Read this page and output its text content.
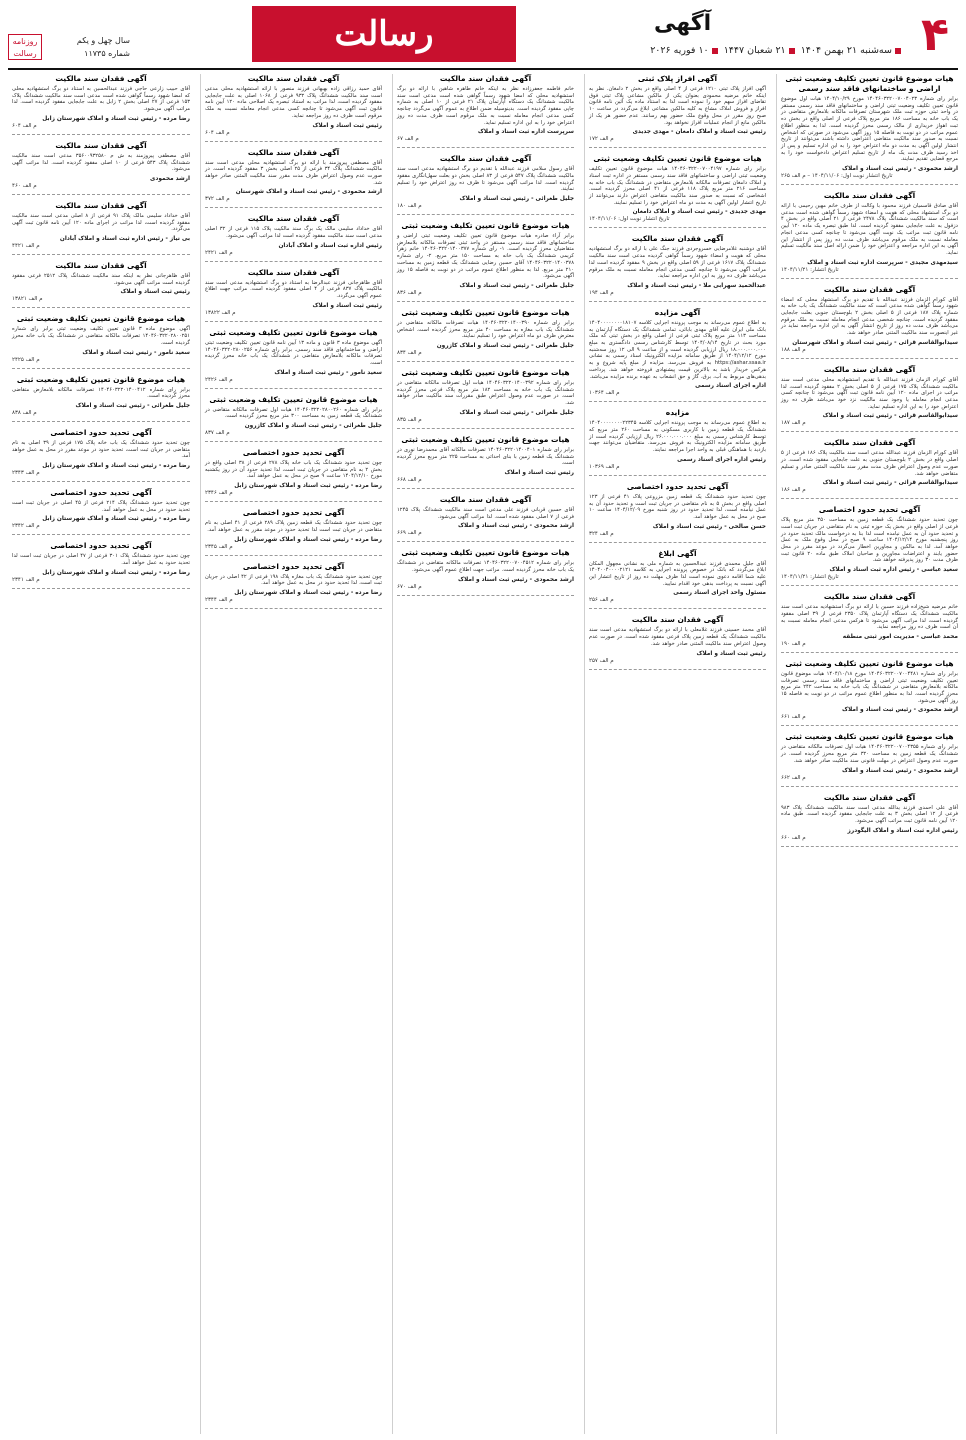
۴
آگهی
سه‌شنبه ۲۱ بهمن ۱۴۰۴ ۲۱ شعبان ۱۴۴۷ ۱۰ فوریه ۲۰۲۶
رسالت
روزنامه رسالت
سال چهل و یکم
شماره ۱۱۷۳۵
هیات موضوع قانون تعیین تکلیف وضعیت ثبتی اراضی و ساختمانهای فاقد سند رسمی
برابر رای شماره ۱۴۰۴۶۰۳۲۲۰۰۷۰۰۴۰۲۳ مورخ ۱۴۰۴/۱۰/۲۹ هیات اول موضوع قانون تعیین تکلیف وضعیت ثبتی اراضی و ساختمانهای فاقد سند رسمی مستقر در واحد ثبتی حوزه ثبت ملک شهرستان تصرفات مالکانه بلامعارض متقاضی در یک باب خانه به مساحت ۱۸۶ متر مربع پلاک فرعی از اصلی واقع در بخش ده ثبت اهواز خریداری از مالک رسمی محرز گردیده است. لذا به منظور اطلاع عموم مراتب در دو نوبت به فاصله ۱۵ روز آگهی می‌شود در صورتی که اشخاص نسبت به صدور سند مالکیت متقاضی اعتراضی داشته باشند می‌توانند از تاریخ انتشار اولین آگهی به مدت دو ماه اعتراض خود را به این اداره تسلیم و پس از اخذ رسید ظرف مدت یک ماه از تاریخ تسلیم اعتراض دادخواست خود را به مرجع قضایی تقدیم نمایند.
ارشد محمودی - رئیس ثبت اسناد و املاک
تاریخ انتشار نوبت اول: ۱۴۰۴/۱۱/۰۶ – م الف ۲۶۵
آگهی فقدان سند مالکیت
آقای صادق قاسمیان فرزند محمود با وکالت از طرف خانم مهین رحیمی با ارائه دو برگ استشهاد محلی که هویت و امضاء شهود رسماً گواهی شده است مدعی است که سند مالکیت ششدانگ پلاک ۲۴۷۸ فرعی از ۲۱ اصلی واقع در بخش ۴ دزفول به علت جابجایی مفقود گردیده است. لذا طبق تبصره یک ماده ۱۲۰ آیین نامه قانون ثبت مراتب یک نوبت آگهی می‌شود تا چنانچه کسی مدعی انجام معامله نسبت به ملک مرقوم می‌باشد ظرف مدت ده روز پس از انتشار این آگهی به این اداره مراجعه و اعتراض خود را ضمن ارائه اصل سند مالکیت تسلیم نماید.
سیدمهدی مجیدی - سرپرست اداره ثبت اسناد و املاک
تاریخ انتشار: ۱۴۰۴/۱۱/۲۱
آگهی فقدان سند مالکیت
آقای کورام الزمان فرزند عبدالله با تقدیم دو برگ استشهاد محلی که امضاء شهود رسماً گواهی شده مدعی است که سند مالکیت ششدانگ یک باب خانه به شماره پلاک ۱۸۷ فرعی از ۵ اصلی بخش ۲ بلوچستان جنوبی بعلت جابجایی مفقود گردیده است. چنانچه شخصی مدعی انجام معامله نسبت به ملک مرقوم می‌باشد ظرف مدت ده روز از تاریخ انتشار آگهی به این اداره مراجعه نماید در غیر اینصورت سند مالکیت المثنی صادر خواهد شد.
سیدابوالقاسم قرائی - رئیس ثبت اسناد و املاک شهرستان
م الف ۱۸۸
آگهی فقدان سند مالکیت
آقای کورام الزمان فرزند عبدالله با تقدیم استشهادیه محلی مدعی است سند مالکیت ششدانگ پلاک ۱۷۵ فرعی از ۵ اصلی بخش ۲ مفقود گردیده است، لذا مراتب در اجرای ماده ۱۲۰ آیین نامه قانون ثبت آگهی می‌شود تا چنانچه کسی مدعی انجام معامله یا وجود سند مالکیت نزد خود می‌باشد ظرف ده روز اعتراض خود را به این اداره تسلیم نماید.
سیدابوالقاسم قرائی - رئیس ثبت اسناد و املاک
م الف ۱۸۷
آگهی فقدان سند مالکیت
آقای کورام الزمان فرزند عبدالله مدعی است سند مالکیت پلاک ۱۸۶ فرعی از ۵ اصلی واقع در بخش ۲ بلوچستان جنوبی به علت جابجایی مفقود شده است. در صورت عدم وصول اعتراض ظرف مدت مقرر سند مالکیت المثنی صادر و تسلیم متقاضی خواهد شد.
سیدابوالقاسم قرائی - رئیس ثبت اسناد و املاک
م الف ۱۸۶
آگهی تحدید حدود اختصاصی
چون تحدید حدود ششدانگ یک قطعه زمین به مساحت ۳۵۰ متر مربع پلاک فرعی از اصلی واقع در بخش یک حوزه ثبتی به نام متقاضی در جریان ثبت است و تحدید حدود آن به عمل نیامده است لذا بنا به درخواست مالک تحدید حدود در روز پنجشنبه مورخ ۱۴۰۴/۱۲/۱۴ ساعت ۹ صبح در محل وقوع ملک به عمل خواهد آمد. لذا به مالکین و مجاورین اخطار می‌گردد در موعد مقرر در محل حضور یابند و اعتراضات مجاورین و صاحبان املاک طبق ماده ۲۰ قانون ثبت ظرف مدت ۳۰ روز پذیرفته خواهد شد.
سعید عباسی - رئیس اداره ثبت اسناد و املاک
تاریخ انتشار: ۱۴۰۴/۱۱/۲۱
آگهی فقدان سند مالکیت
خانم مرضیه شیخ‌زاده فرزند حسین با ارائه دو برگ استشهادیه مدعی است سند مالکیت ششدانگ یک دستگاه آپارتمان پلاک ۲۳۵۰ فرعی از ۳۹ اصلی مفقود گردیده است، لذا مراتب آگهی می‌شود تا هرکس مدعی انجام معامله نسبت به آن است ظرف ده روز مراجعه نماید.
محمد عباسی - مدیریت امور ثبتی منطقه
م الف ۱۹۰
هیات موضوع قانون تعیین تکلیف وضعیت ثبتی
برابر رای شماره ۱۴۰۴۶۰۳۲۲۰۰۷۰۰۴۴۸۱ مورخ ۱۴۰۴/۱۰/۱۸ هیات موضوع قانون تعیین تکلیف وضعیت ثبتی اراضی و ساختمانهای فاقد سند رسمی تصرفات مالکانه بلامعارض متقاضی در ششدانگ یک باب خانه به مساحت ۲۴۲ متر مربع محرز گردیده است. لذا به منظور اطلاع عموم مراتب در دو نوبت به فاصله ۱۵ روز آگهی می‌شود.
ارشد محمودی - رئیس ثبت اسناد و املاک
م الف ۶۶۱
هیات موضوع قانون تعیین تکلیف وضعیت ثبتی
برابر رای شماره ۱۴۰۴۶۰۳۲۲۰۰۷۰۰۴۳۵۵ هیات اول تصرفات مالکانه متقاضی در ششدانگ یک قطعه زمین به مساحت ۳۲۰ متر مربع محرز گردیده است. در صورت عدم وصول اعتراض در مهلت قانونی سند مالکیت صادر خواهد شد.
ارشد محمودی - رئیس ثبت اسناد و املاک
م الف ۶۶۲
آگهی فقدان سند مالکیت
آقای علی احمدی فرزند یدالله مدعی است سند مالکیت ششدانگ پلاک ۹۸۳ فرعی از ۱۲ اصلی بخش ۳ به علت جابجایی مفقود گردیده است. طبق ماده ۱۲۰ آیین نامه قانون ثبت مراتب آگهی می‌شود.
رئیس اداره ثبت اسناد و املاک الیگودرز
م الف ۶۶۰
آگهی افراز پلاک ثبتی
آگهی افراز پلاک ثبتی ۱۲۱۰ فرعی از ۴ اصلی واقع در بخش ۲ دامغان. نظر به اینکه خانم مرضیه محمودی بعنوان یکی از مالکین مشاعی پلاک ثبتی فوق تقاضای افراز سهم خود را نموده است لذا به استناد ماده یک آئین نامه قانون افراز و فروش املاک مشاع به کلیه مالکین مشاعی ابلاغ می‌گردد در ساعت ۱۰ صبح روز مقرر در محل وقوع ملک حضور بهم رسانند. عدم حضور هر یک از مالکین مانع از انجام عملیات افراز نخواهد بود.
رئیس ثبت اسناد و املاک دامغان - مهدی جدیدی
م الف ۱۷۲
هیات موضوع قانون تعیین تکلیف وضعیت ثبتی
برابر رای شماره ۱۴۰۴۶۰۳۲۲۰۰۷۰۰۴۱۹۷ هیات موضوع قانون تعیین تکلیف وضعیت ثبتی اراضی و ساختمانهای فاقد سند رسمی مستقر در اداره ثبت اسناد و املاک دامغان تصرفات مالکانه بلامعارض متقاضی در ششدانگ یک باب خانه به مساحت ۲۱۶ متر مربع پلاک ۱۱۸ فرعی از ۴۱ اصلی محرز گردیده است. اشخاصی که نسبت به صدور سند مالکیت متقاضی اعتراض دارند می‌توانند از تاریخ انتشار اولین آگهی به مدت دو ماه اعتراض خود را تسلیم نمایند.
مهدی جدیدی - رئیس ثبت اسناد و املاک دامغان
تاریخ انتشار نوبت اول: ۱۴۰۴/۱۱/۰۶
آگهی فقدان سند مالکیت
آقای دوشنبه غلامرضایی خسروجردی فرزند جنگ علی با ارائه دو برگ استشهادیه محلی که هویت و امضاء شهود رسماً گواهی گردیده مدعی است سند مالکیت ششدانگ پلاک ۱۶۱۷ فرعی از ۵۹ اصلی واقع در بخش ۹ مفقود گردیده است لذا مراتب آگهی می‌شود تا چنانچه کسی مدعی انجام معامله نسبت به ملک مرقوم می‌باشد ظرف ده روز به این اداره مراجعه نماید.
عبدالحمید سهرابی ملا - رئیس ثبت اسناد و املاک
م الف ۱۹۴
آگهی مزایده
به اطلاع عموم می‌رساند به موجب پرونده اجرایی کلاسه ۱۴۰۴۰۰۰۰۰۰۰۰۱۸۱۰۷ بانک ملی ایران علیه آقای مهدی بابائی، تمامی ششدانگ یک دستگاه آپارتمان به مساحت ۱۱۳ متر مربع پلاک ثبتی فرعی از اصلی واقع در بخش ثبتی که ملک مورد بحث در تاریخ ۱۴۰۴/۰۸/۱۴ توسط کارشناس رسمی دادگستری به مبلغ ۱۸.۰۰۰.۰۰۰.۰۰۰ ریال ارزیابی گردیده است و از ساعت ۹ الی ۱۲ روز سه‌شنبه مورخ ۱۴۰۴/۱۲/۱۲ از طریق سامانه مزایده الکترونیک اسناد رسمی به نشانی https://ashar.ssaa.ir به فروش می‌رسد. مزایده از مبلغ پایه شروع و به هرکس خریدار باشد به بالاترین قیمت پیشنهادی فروخته خواهد شد. پرداخت بدهی‌های مربوط به آب، برق، گاز و حق انشعاب به عهده برنده مزایده می‌باشد.
اداره اجرای اسناد رسمی
م الف ۱۰۳۶۴
مزایده
به اطلاع عموم می‌رساند به موجب پرونده اجرایی کلاسه ۱۴۰۴۰۰۰۰۰۰۰۰۲۲۳۴۵ ششدانگ یک قطعه زمین با کاربری مسکونی به مساحت ۲۶۰ متر مربع که توسط کارشناس رسمی به مبلغ ۲۶.۰۰۰.۰۰۰.۰۰۰ ریال ارزیابی گردیده است از طریق سامانه مزایده الکترونیک به فروش می‌رسد. متقاضیان می‌توانند جهت بازدید با هماهنگی قبلی به واحد اجرا مراجعه نمایند.
رئیس اداره اجرای اسناد رسمی
م الف ۱۰۳۶۹
آگهی تحدید حدود اختصاصی
چون تحدید حدود ششدانگ یک قطعه زمین مزروعی پلاک ۴۱ فرعی از ۱۲۳ اصلی واقع در بخش ۵ به نام متقاضی در جریان ثبت است و تحدید حدود آن به عمل نیامده است، لذا تحدید حدود در روز شنبه مورخ ۱۴۰۴/۱۲/۰۹ ساعت ۱۰ صبح در محل به عمل خواهد آمد.
حسن صالحی - رئیس ثبت اسناد و املاک
م الف ۳۲۴
آگهی ابلاغ
آقای جلیل محمدی فرزند عبدالحسین به شماره ملی به نشانی مجهول المکان ابلاغ می‌گردد که بانک در خصوص پرونده اجرایی به کلاسه ۱۴۰۴۰۰۴۰۰۰۰۲۱۲۱ علیه شما اقامه دعوی نموده است لذا ظرف مهلت ده روز از تاریخ انتشار این آگهی نسبت به پرداخت بدهی خود اقدام نمایید.
مسئول واحد اجرای اسناد رسمی
م الف ۲۵۶
آگهی فقدان سند مالکیت
آقای محمد حسینی فرزند غلامعلی با ارائه دو برگ استشهادیه مدعی است سند مالکیت ششدانگ یک قطعه زمین پلاک فرعی مفقود شده است. در صورت عدم وصول اعتراض سند مالکیت المثنی صادر خواهد شد.
رئیس ثبت اسناد و املاک
م الف ۲۵۷
آگهی فقدان سند مالکیت
خانم فاطمه جعفرزاده نظر به اینکه خانم طاهره شاهین با ارائه دو برگ استشهادیه محلی که امضا شهود رسماً گواهی شده است مدعی است سند مالکیت ششدانگ یک دستگاه آپارتمان پلاک ۲۱ فرعی از ۱۰ اصلی به شماره چاپی مفقود گردیده است. بدینوسیله ضمن اطلاع به عموم آگهی می‌گردد چنانچه کسی مدعی انجام معامله نسبت به ملک مرقوم است ظرف مدت ده روز اعتراض خود را به این اداره تسلیم نماید.
سرپرست اداره ثبت اسناد و املاک
م الف ۶۷
آگهی فقدان سند مالکیت
آقای رسول سلامی فرزند عبدالله با تقدیم دو برگ استشهادیه مدعی است سند مالکیت ششدانگ پلاک ۵۴۷ فرعی از ۸۳ اصلی بخش دو بعلت سهل‌انگاری مفقود گردیده است. لذا مراتب آگهی می‌شود تا ظرف ده روز اعتراض خود را تسلیم نمایند.
جلیل طغرائی - رئیس ثبت اسناد و املاک
م الف ۱۸۰
هیات موضوع قانون تعیین تکلیف وضعیت ثبتی
برابر آراء صادره هیات موضوع قانون تعیین تکلیف وضعیت ثبتی اراضی و ساختمانهای فاقد سند رسمی مستقر در واحد ثبتی تصرفات مالکانه بلامعارض متقاضیان محرز گردیده است. ۱- رای شماره ۱۴۰۴۶۰۳۲۲۰۱۴۰۰۳۷۷ خانم زهرا کریمی ششدانگ یک باب خانه به مساحت ۱۵۰ متر مربع. ۲- رای شماره ۱۴۰۴۶۰۳۲۲۰۱۴۰۰۳۷۸ آقای حسین رضایی ششدانگ یک قطعه زمین به مساحت ۲۱۰ متر مربع. لذا به منظور اطلاع عموم مراتب در دو نوبت به فاصله ۱۵ روز آگهی می‌شود.
جلیل طغرائی - رئیس ثبت اسناد و املاک
م الف ۸۳۶
هیات موضوع قانون تعیین تکلیف وضعیت ثبتی
برابر رای شماره ۱۴۰۴۶۰۳۲۲۰۱۴۰۰۳۹۰ هیات تصرفات مالکانه متقاضی در ششدانگ یک باب مغازه به مساحت ۴۰ متر مربع محرز گردیده است. اشخاص معترض ظرف دو ماه اعتراض خود را تسلیم نمایند.
جلیل طغرائی - رئیس ثبت اسناد و املاک کازرون
م الف ۸۳۴
هیات موضوع قانون تعیین تکلیف وضعیت ثبتی
برابر رای شماره ۱۴۰۴۶۰۳۲۲۰۱۴۰۰۳۹۲ هیات اول تصرفات مالکانه متقاضی در ششدانگ یک باب خانه به مساحت ۱۸۲ متر مربع پلاک فرعی محرز گردیده است. در صورت عدم وصول اعتراض طبق مقررات سند مالکیت صادر خواهد شد.
جلیل طغرائی - رئیس ثبت اسناد و املاک
م الف ۸۳۵
هیات موضوع قانون تعیین تکلیف وضعیت ثبتی
برابر رای شماره ۱۴۰۴۶۰۳۲۲۰۱۴۰۰۴۰۱ تصرفات مالکانه آقای محمدرضا نوری در ششدانگ یک قطعه زمین با بنای احداثی به مساحت ۲۲۵ متر مربع محرز گردیده است.
رئیس ثبت اسناد و املاک
م الف ۶۶۸
آگهی فقدان سند مالکیت
آقای حسین قربانی فرزند علی مدعی است سند مالکیت ششدانگ پلاک ۱۲۴۵ فرعی از ۷ اصلی مفقود شده است. لذا مراتب آگهی می‌شود.
ارشد محمودی - رئیس ثبت اسناد و املاک
م الف ۶۶۹
هیات موضوع قانون تعیین تکلیف وضعیت ثبتی
برابر رای شماره ۱۴۰۴۶۰۳۲۲۰۰۷۰۰۴۵۱۲ تصرفات مالکانه متقاضی در ششدانگ یک باب خانه محرز گردیده است. مراتب جهت اطلاع عموم آگهی می‌شود.
ارشد محمودی - رئیس ثبت اسناد و املاک
م الف ۶۷۰
آگهی فقدان سند مالکیت
آقای حمید رزاقی زاده بهبهانی فرزند منصور با ارائه استشهادیه محلی مدعی است سند مالکیت ششدانگ پلاک ۹۳۲ فرعی از ۱۰۶۸ اصلی به علت جابجایی مفقود گردیده است، لذا مراتب به استناد تبصره یک اصلاحی ماده ۱۲۰ آیین نامه قانون ثبت آگهی می‌شود تا چنانچه کسی مدعی انجام معامله نسبت به ملک مرقوم است ظرف ده روز مراجعه نماید.
رئیس ثبت اسناد و املاک
م الف ۶۰۴
آگهی فقدان سند مالکیت
آقای مصطفی پیروزمند با ارائه دو برگ استشهادیه محلی مدعی است سند مالکیت ششدانگ پلاک ۳۴ فرعی از ۲۵ اصلی بخش ۳ مفقود گردیده است. در صورت عدم وصول اعتراض ظرف مدت مقرر سند مالکیت المثنی صادر خواهد شد.
ارشد محمودی - رئیس ثبت اسناد و املاک شهرستان
م الف ۳۷۲
آگهی فقدان سند مالکیت
آقای خداداد سلیمی مالک یک برگ سند مالکیت پلاک ۱۱۵ فرعی از ۳۲ اصلی مدعی است سند مالکیت مفقود گردیده است لذا مراتب آگهی می‌شود.
رئیس اداره ثبت اسناد و املاک آبادان
م الف ۲۴۲۱
آگهی فقدان سند مالکیت
آقای ظاهرجانی فرزند عبدالرضا به استناد دو برگ استشهادیه مدعی است سند مالکیت پلاک ۸۳۷ فرعی از ۴ اصلی مفقود گردیده است. مراتب جهت اطلاع عموم آگهی می‌گردد.
رئیس ثبت اسناد و املاک
م الف ۱۳۸۲۲
هیات موضوع قانون تعیین تکلیف وضعیت ثبتی
آگهی موضوع ماده ۳ قانون و ماده ۱۳ آیین نامه قانون تعیین تکلیف وضعیت ثبتی اراضی و ساختمانهای فاقد سند رسمی. برابر رای شماره ۱۴۰۴۶۰۳۲۲۰۲۸۰۰۲۵۶ تصرفات مالکانه بلامعارض متقاضی در ششدانگ یک باب خانه محرز گردیده است.
سعید نامور - رئیس ثبت اسناد و املاک
م الف ۲۴۲۶
هیات موضوع قانون تعیین تکلیف وضعیت ثبتی
برابر رای شماره ۱۴۰۴۶۰۳۲۲۰۲۸۰۰۲۶۰ هیات اول تصرفات مالکانه متقاضی در ششدانگ یک قطعه زمین به مساحت ۳۰۰ متر مربع محرز گردیده است.
جلیل طغرائی - رئیس ثبت اسناد و املاک کازرون
م الف ۸۳۷
آگهی تحدید حدود اختصاصی
چون تحدید حدود ششدانگ یک باب خانه پلاک ۲۷۸ فرعی از ۳۸ اصلی واقع در بخش ۲ به نام متقاضی در جریان ثبت است، لذا تحدید حدود آن در روز یکشنبه مورخ ۱۴۰۴/۱۲/۱۰ ساعت ۹ صبح در محل به عمل خواهد آمد.
رضا مرده - رئیس ثبت اسناد و املاک شهرستان زابل
م الف ۲۳۴۶
آگهی تحدید حدود اختصاصی
چون تحدید حدود ششدانگ یک قطعه زمین پلاک ۲۸۹ فرعی از ۴۱ اصلی به نام متقاضی در جریان ثبت است لذا تحدید حدود در موعد مقرر به عمل خواهد آمد.
رضا مرده - رئیس ثبت اسناد و املاک شهرستان زابل
م الف ۲۳۴۵
آگهی تحدید حدود اختصاصی
چون تحدید حدود ششدانگ یک باب مغازه پلاک ۱۹۸ فرعی از ۴۲ اصلی در جریان ثبت است، لذا تحدید حدود در محل به عمل خواهد آمد.
رضا مرده - رئیس ثبت اسناد و املاک شهرستان زابل
م الف ۲۳۴۴
آگهی فقدان سند مالکیت
آقای حبیب زارعی حاجی فرزند عبدالحسین به استناد دو برگ استشهادیه محلی که امضا شهود رسماً گواهی شده است مدعی است سند مالکیت ششدانگ پلاک ۱۵۳ فرعی از ۲۷ اصلی بخش ۲ زابل به علت جابجایی مفقود گردیده است. لذا مراتب آگهی می‌شود.
رضا مرده - رئیس ثبت اسناد و املاک شهرستان زابل
م الف ۶۰۴
آگهی فقدان سند مالکیت
آقای مصطفی پیروزمند به ش م ۳۵۶۰۰۹۳۲۵۸۰ مدعی است سند مالکیت ششدانگ پلاک ۵۴۳ فرعی از ۱۰ اصلی مفقود گردیده است. لذا مراتب آگهی می‌شود.
ارشد محمودی
م الف ۴۶۰
آگهی فقدان سند مالکیت
آقای خداداد سلیمی مالک پلاک ۹۱ فرعی از ۸ اصلی مدعی است سند مالکیت مفقود گردیده است، لذا مراتب در اجرای ماده ۱۲۰ آیین نامه قانون ثبت آگهی می‌گردد.
بی نیاز - رئیس اداره ثبت اسناد و املاک آبادان
م الف ۴۴۲۱
آگهی فقدان سند مالکیت
آقای ظاهرجانی نظر به اینکه سند مالکیت ششدانگ پلاک ۲۵۱۲ فرعی مفقود گردیده است مراتب آگهی می‌شود.
رئیس ثبت اسناد و املاک
م الف ۱۳۸۲۱
هیات موضوع قانون تعیین تکلیف وضعیت ثبتی
آگهی موضوع ماده ۳ قانون تعیین تکلیف وضعیت ثبتی برابر رای شماره ۱۴۰۴۶۰۳۲۲۰۲۸۰۰۲۵۱ تصرفات مالکانه متقاضی در ششدانگ یک باب خانه محرز گردیده است.
سعید نامور - رئیس ثبت اسناد و املاک
م الف ۲۴۲۵
هیات موضوع قانون تعیین تکلیف وضعیت ثبتی
برابر رای شماره ۱۴۰۴۶۰۳۲۲۰۱۴۰۰۴۱۲ تصرفات مالکانه بلامعارض متقاضی محرز گردیده است.
جلیل طغرائی - رئیس ثبت اسناد و املاک
م الف ۸۳۸
آگهی تحدید حدود اختصاصی
چون تحدید حدود ششدانگ یک باب خانه پلاک ۱۷۵ فرعی از ۳۹ اصلی به نام متقاضی در جریان ثبت است، تحدید حدود در موعد مقرر در محل به عمل خواهد آمد.
رضا مرده - رئیس ثبت اسناد و املاک شهرستان زابل
م الف ۲۳۴۳
آگهی تحدید حدود اختصاصی
چون تحدید حدود ششدانگ پلاک ۲۱۴ فرعی از ۴۵ اصلی در جریان ثبت است تحدید حدود در محل به عمل خواهد آمد.
رضا مرده - رئیس ثبت اسناد و املاک شهرستان زابل
م الف ۲۳۴۲
آگهی تحدید حدود اختصاصی
چون تحدید حدود ششدانگ پلاک ۳۰۱ فرعی از ۴۷ اصلی در جریان ثبت است لذا تحدید حدود به عمل خواهد آمد.
رضا مرده - رئیس ثبت اسناد و املاک شهرستان زابل
م الف ۲۳۴۱
